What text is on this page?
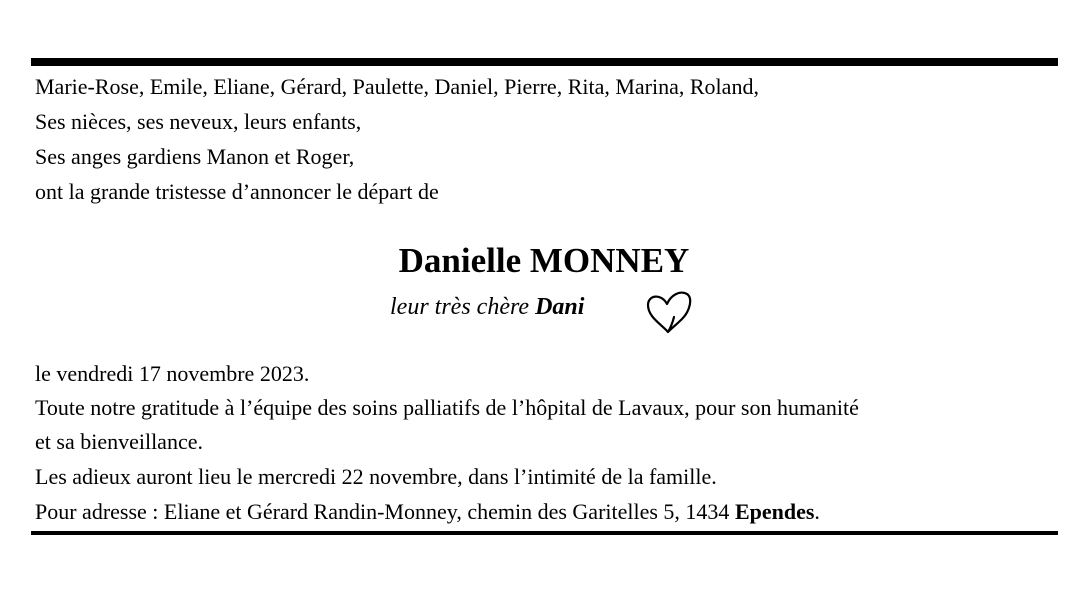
Marie-Rose, Emile, Eliane, Gérard, Paulette, Daniel, Pierre, Rita, Marina, Roland,
Ses nièces, ses neveux, leurs enfants,
Ses anges gardiens Manon et Roger,
ont la grande tristesse d’annoncer le départ de
Danielle MONNEY
leur très chère Dani
le vendredi 17 novembre 2023.
Toute notre gratitude à l’équipe des soins palliatifs de l’hôpital de Lavaux, pour son humanité
et sa bienveillance.
Les adieux auront lieu le mercredi 22 novembre, dans l’intimité de la famille.
Pour adresse : Eliane et Gérard Randin-Monney, chemin des Garitelles 5, 1434 Ependes.
